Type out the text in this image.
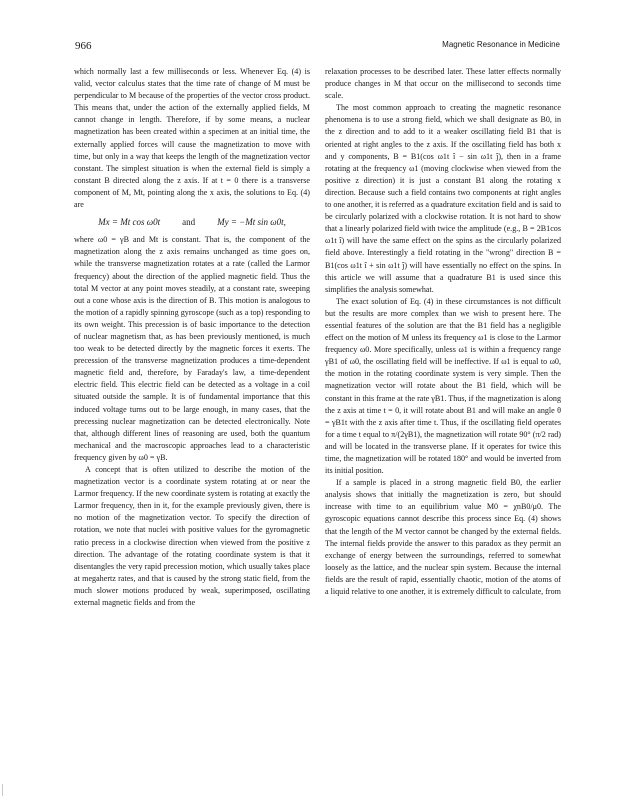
966	Magnetic Resonance in Medicine

which normally last a few milliseconds or less. Whenever Eq. (4) is valid, vector calculus states that the time rate of change of M must be perpendicular to M because of the properties of the vector cross product. This means that, under the action of the externally applied fields, M cannot change in length. Therefore, if by some means, a nuclear magnetization has been created within a specimen at an initial time, the externally applied forces will cause the magnetization to move with time, but only in a way that keeps the length of the magnetization vector constant. The simplest situation is when the external field is simply a constant B directed along the z axis. If at t = 0 there is a transverse component of M, Mt, pointing along the x axis, the solutions to Eq. (4) are

Mx = Mt cos ω0t and My = −Mt sin ω0t,

where ω0 = γB and Mt is constant. That is, the component of the magnetization along the z axis remains unchanged as time goes on, while the transverse magnetization rotates at a rate (called the Larmor frequency) about the direction of the applied magnetic field. Thus the total M vector at any point moves steadily, at a constant rate, sweeping out a cone whose axis is the direction of B. This motion is analogous to the motion of a rapidly spinning gyroscope (such as a top) responding to its own weight. This precession is of basic importance to the detection of nuclear magnetism that, as has been previously mentioned, is much too weak to be detected directly by the magnetic forces it exerts. The precession of the transverse magnetization produces a time-dependent magnetic field and, therefore, by Faraday's law, a time-dependent electric field. This electric field can be detected as a voltage in a coil situated outside the sample. It is of fundamental importance that this induced voltage turns out to be large enough, in many cases, that the precessing nuclear magnetization can be detected electronically. Note that, although different lines of reasoning are used, both the quantum mechanical and the macroscopic approaches lead to a characteristic frequency given by ω0 = γB.

A concept that is often utilized to describe the motion of the magnetization vector is a coordinate system rotating at or near the Larmor frequency. If the new coordinate system is rotating at exactly the Larmor frequency, then in it, for the example previously given, there is no motion of the magnetization vector. To specify the direction of rotation, we note that nuclei with positive values for the gyromagnetic ratio precess in a clockwise direction when viewed from the positive z direction. The advantage of the rotating coordinate system is that it disentangles the very rapid precession motion, which usually takes place at megahertz rates, and that is caused by the strong static field, from the much slower motions produced by weak, superimposed, oscillating external magnetic fields and from the

relaxation processes to be described later. These latter effects normally produce changes in M that occur on the millisecond to seconds time scale.

The most common approach to creating the magnetic resonance phenomena is to use a strong field, which we shall designate as B0, in the z direction and to add to it a weaker oscillating field B1 that is oriented at right angles to the z axis. If the oscillating field has both x and y components, B = B1(cos ω1t î − sin ω1t ĵ), then in a frame rotating at the frequency ω1 (moving clockwise when viewed from the positive z direction) it is just a constant B1 along the rotating x direction. Because such a field contains two components at right angles to one another, it is referred as a quadrature excitation field and is said to be circularly polarized with a clockwise rotation. It is not hard to show that a linearly polarized field with twice the amplitude (e.g., B = 2B1cos ω1t î) will have the same effect on the spins as the circularly polarized field above. Interestingly a field rotating in the "wrong" direction B = B1(cos ω1t î + sin ω1t ĵ) will have essentially no effect on the spins. In this article we will assume that a quadrature B1 is used since this simplifies the analysis somewhat.

The exact solution of Eq. (4) in these circumstances is not difficult but the results are more complex than we wish to present here. The essential features of the solution are that the B1 field has a negligible effect on the motion of M unless its frequency ω1 is close to the Larmor frequency ω0. More specifically, unless ω1 is within a frequency range γB1 of ω0, the oscillating field will be ineffective. If ω1 is equal to ω0, the motion in the rotating coordinate system is very simple. Then the magnetization vector will rotate about the B1 field, which will be constant in this frame at the rate γB1. Thus, if the magnetization is along the z axis at time t = 0, it will rotate about B1 and will make an angle θ = γB1t with the z axis after time t. Thus, if the oscillating field operates for a time t equal to π/(2γB1), the magnetization will rotate 90° (π/2 rad) and will be located in the transverse plane. If it operates for twice this time, the magnetization will be rotated 180° and would be inverted from its initial position.

If a sample is placed in a strong magnetic field B0, the earlier analysis shows that initially the magnetization is zero, but should increase with time to an equilibrium value M0 = χnB0/μ0. The gyroscopic equations cannot describe this process since Eq. (4) shows that the length of the M vector cannot be changed by the external fields. The internal fields provide the answer to this paradox as they permit an exchange of energy between the surroundings, referred to somewhat loosely as the lattice, and the nuclear spin system. Because the internal fields are the result of rapid, essentially chaotic, motion of the atoms of a liquid relative to one another, it is extremely difficult to calculate, from
